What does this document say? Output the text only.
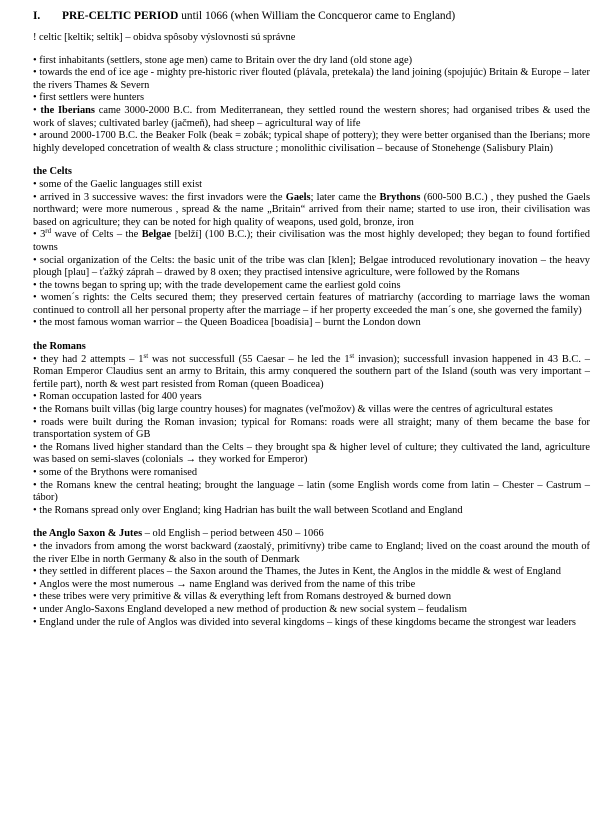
I.	PRE-CELTIC PERIOD until 1066 (when William the Concqueror came to England)

! celtic [keltik; seltik] – obidva spôsoby výslovnosti sú správne

• first inhabitants (settlers, stone age men) came to Britain over the dry land (old stone age)

• towards the end of ice age - mighty pre-historic river flouted (plávala, pretekala) the land joining (spojujúc) Britain & Europe – later the rivers Thames & Severn

• first settlers were hunters

• the Iberians came 3000-2000 B.C. from Mediterranean, they settled round the western shores; had organised tribes & used the work of slaves; cultivated barley (jačmeň), had sheep – agricultural way of life

• around 2000-1700 B.C. the Beaker Folk (beak = zobák; typical shape of pottery); they were better organised than the Iberians; more highly developed concetration of wealth & class structure ; monolithic civilisation – because of Stonehenge (Salisbury Plain)

the Celts

• some of the Gaelic languages still exist

• arrived in 3 successive waves: the first invadors were the Gaels; later came the Brythons (600-500 B.C.) , they pushed the Gaels northward; were more numerous , spread & the name „Britain“ arrived from their name; started to use iron, their civilisation was based on agriculture; they can be noted for high quality of weapons, used gold, bronze, iron

• 3rd wave of Celts – the Belgae [belží] (100 B.C.); their civilisation was the most highly developed; they began to found fortified towns

• social organization of the Celts: the basic unit of the tribe was clan [klen]; Belgae introduced revolutionary inovation – the heavy plough [plau] – ťažký záprah – drawed by 8 oxen; they practised intensive agriculture, were followed by the Romans

• the towns began to spring up; with the trade developement came the earliest gold coins

• women´s rights: the Celts secured them; they preserved certain features of matriarchy (according to marriage laws the woman continued to controll all her personal property after the marriage – if her property exceeded the man´s one, she governed the family)

• the most famous woman warrior – the Queen Boadicea [boadísia] – burnt the London down

the Romans

• they had 2 attempts – 1st was not successfull (55 Caesar – he led the 1st invasion); successfull invasion happened in 43 B.C. – Roman Emperor Claudius sent an army to Britain, this army conquered the southern part of the Island (south was very important – fertile part), north & west part resisted from Roman (queen Boadicea)

• Roman occupation lasted for 400 years

• the Romans built villas (big large country houses) for magnates (veľmožov) & villas were the centres of agricultural estates

• roads were built during the Roman invasion; typical for Romans: roads were all straight; many of them became the base for transportation system of GB

• the Romans lived higher standard than the Celts – they brought spa & higher level of culture; they cultivated the land, agriculture was based on semi-slaves (colonials → they worked for Emperor)

• some of the Brythons were romanised

• the Romans knew the central heating; brought the language – latin (some English words come from latin – Chester – Castrum – tábor)

• the Romans spread only over England; king Hadrian has built the wall between Scotland and England

the Anglo Saxon & Jutes – old English – period between 450 – 1066

• the invadors from among the worst backward (zaostalý, primitívny) tribe came to England; lived on the coast around the mouth of the river Elbe in north Germany & also in the south of Denmark

• they settled in different places – the Saxon around the Thames, the Jutes in Kent, the Anglos in the middle & west of England

• Anglos were the most numerous → name England was derived from the name of this tribe

• these tribes were very primitive & villas & everything left from Romans destroyed & burned down

• under Anglo-Saxons England developed a new method of production & new social system – feudalism

• England under the rule of Anglos was divided into several kingdoms – kings of these kingdoms became the strongest war leaders
